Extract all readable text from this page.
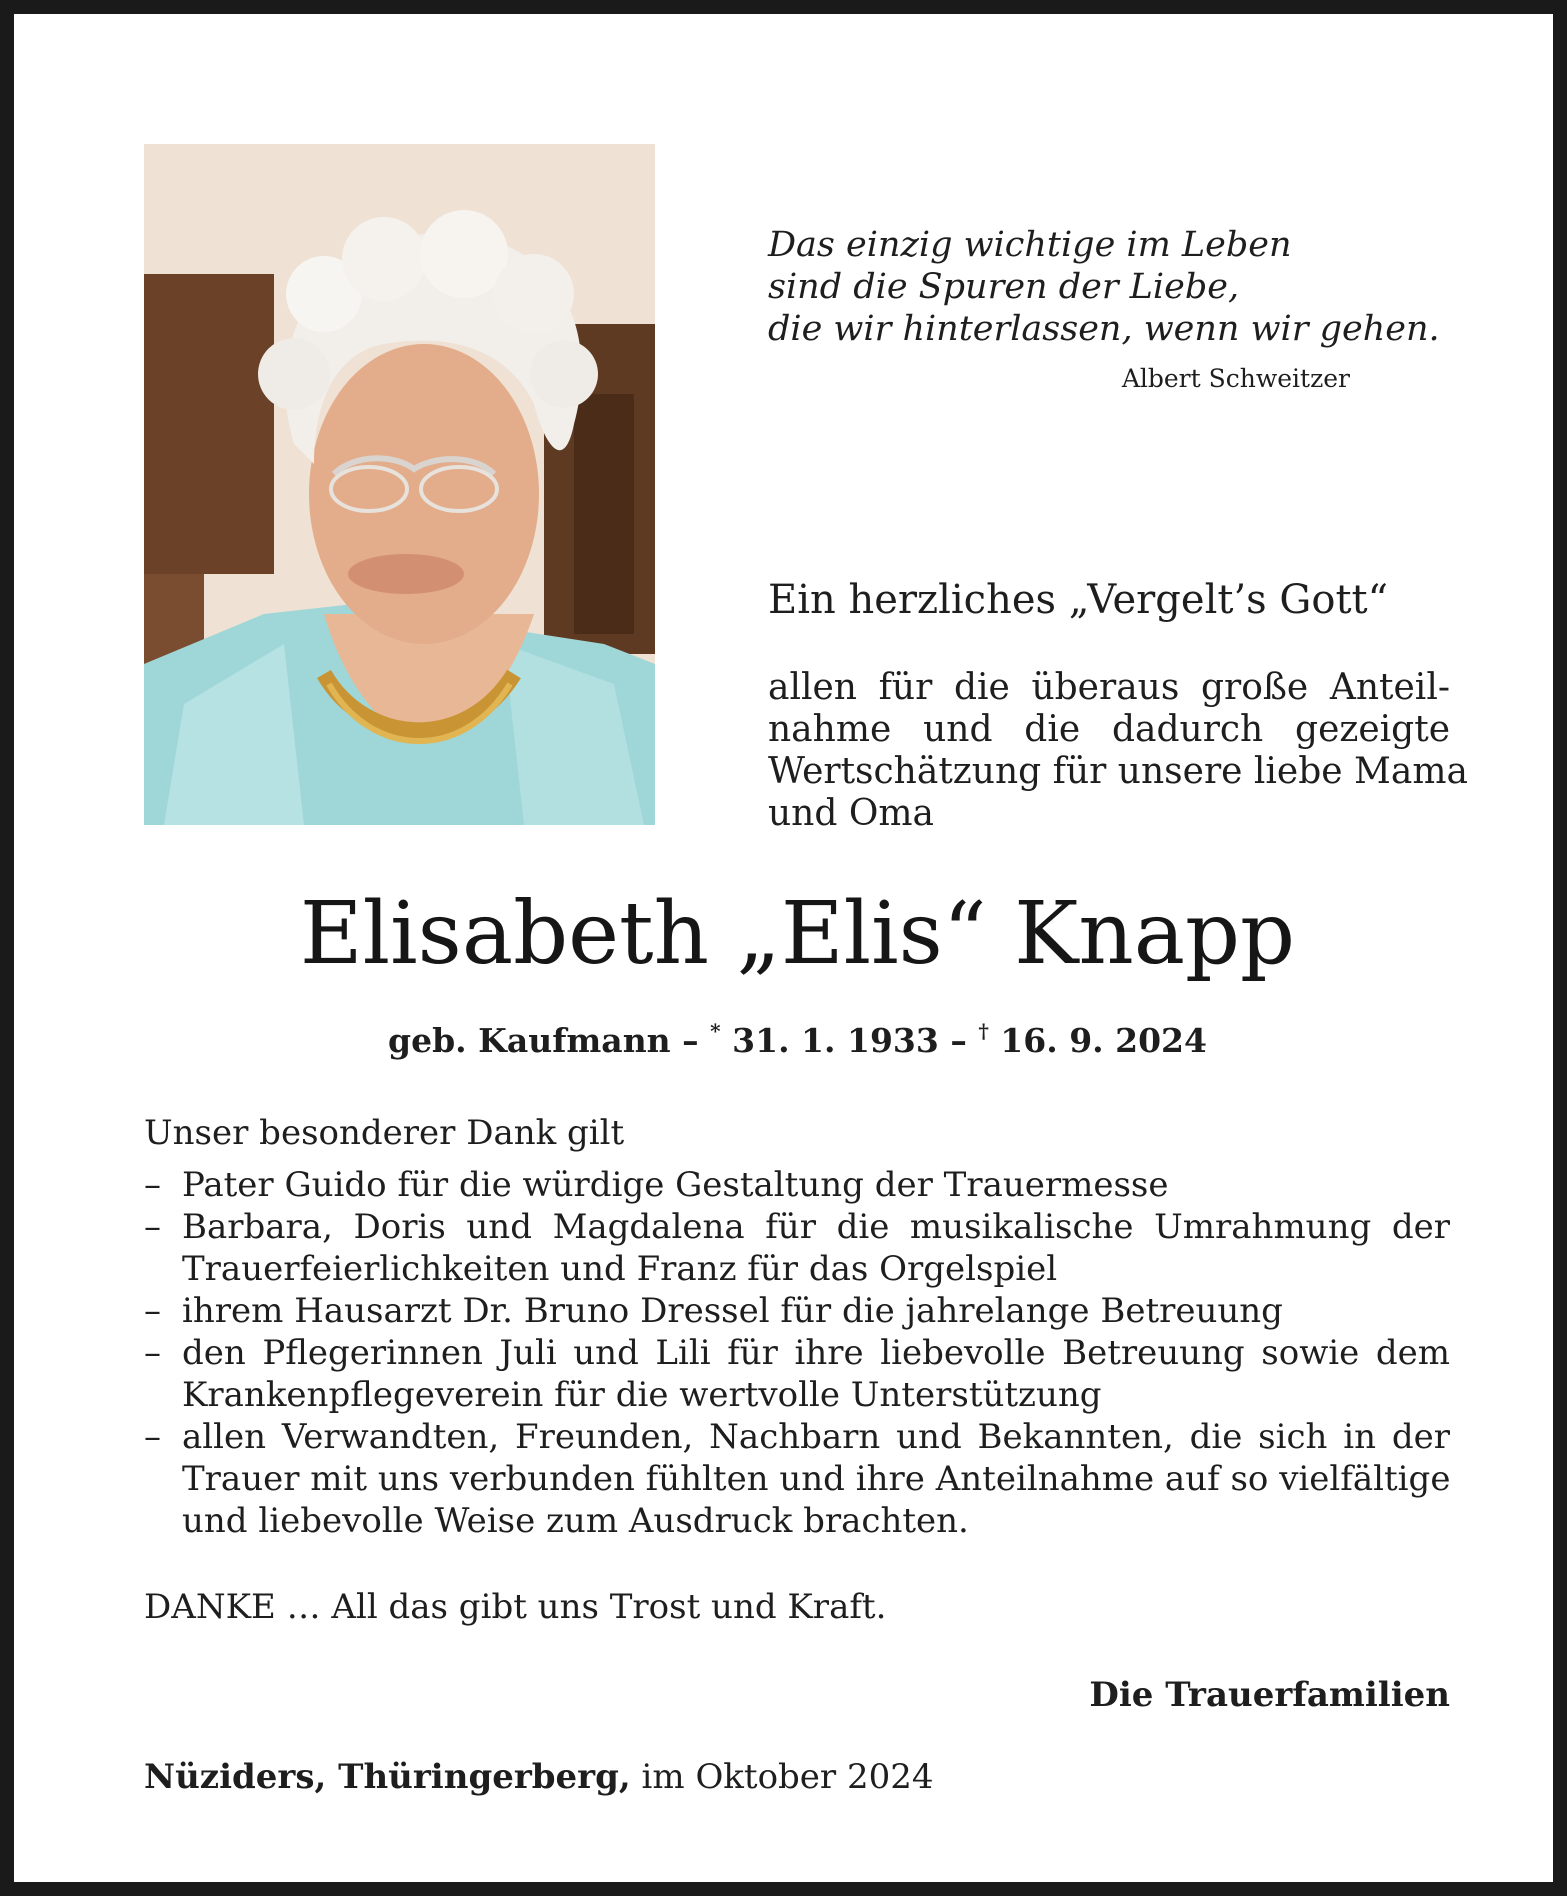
Das einzig wichtige im Leben
sind die Spuren der Liebe,
die wir hinterlassen, wenn wir gehen.
Albert Schweitzer
Ein herzliches „Vergelt’s Gott“
allen für die überaus große Anteil-
nahme und die dadurch gezeigte
Wertschätzung für unsere liebe Mama
und Oma
Elisabeth „Elis“ Knapp
geb. Kaufmann – * 31. 1. 1933 – † 16. 9. 2024
Unser besonderer Dank gilt
– Pater Guido für die würdige Gestaltung der Trauermesse
– Barbara, Doris und Magdalena für die musikalische Umrahmung der
Trauerfeierlichkeiten und Franz für das Orgelspiel
– ihrem Hausarzt Dr. Bruno Dressel für die jahrelange Betreuung
– den Pflegerinnen Juli und Lili für ihre liebevolle Betreuung sowie dem
Krankenpflegeverein für die wertvolle Unterstützung
– allen Verwandten, Freunden, Nachbarn und Bekannten, die sich in der
Trauer mit uns verbunden fühlten und ihre Anteilnahme auf so vielfältige
und liebevolle Weise zum Ausdruck brachten.
DANKE … All das gibt uns Trost und Kraft.
Die Trauerfamilien
Nüziders, Thüringerberg, im Oktober 2024
